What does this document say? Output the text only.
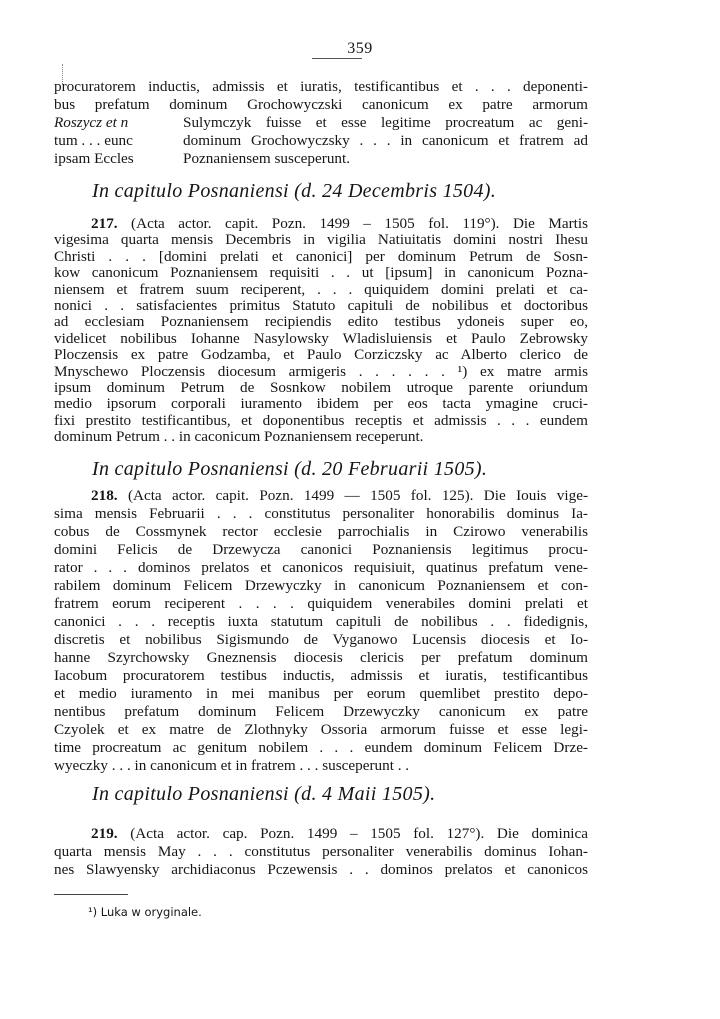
359
procuratorem inductis, admissis et iuratis, testificantibus et . . . deponenti-
bus prefatum dominum Grochowyczski canonicum ex patre armorum
Roszycz et n	Sulymczyk fuisse et esse legitime procreatum ac geni-
tum . . . eunc	dominum Grochowyczsky . . . in canonicum et fratrem ad
ipsam Eccles	Poznaniensem susceperunt.
In capitulo Posnaniensi (d. 24 Decembris 1504).
217. (Acta actor. capit. Pozn. 1499 – 1505 fol. 119°). Die Martis
vigesima quarta mensis Decembris in vigilia Natiuitatis domini nostri Ihesu
Christi . . . [domini prelati et canonici] per dominum Petrum de Sosn-
kow canonicum Poznaniensem requisiti . . ut [ipsum] in canonicum Pozna-
niensem et fratrem suum reciperent, . . . quiquidem domini prelati et ca-
nonici . . satisfacientes primitus Statuto capituli de nobilibus et doctoribus
ad ecclesiam Poznaniensem recipiendis edito testibus ydoneis super eo,
videlicet nobilibus Iohanne Nasylowsky Wladisluiensis et Paulo Zebrowsky
Ploczensis ex patre Godzamba, et Paulo Corziczsky ac Alberto clerico de
Mnyschewo Ploczensis diocesum armigeris . . . . . . ¹) ex matre armis
ipsum dominum Petrum de Sosnkow nobilem utroque parente oriundum
medio ipsorum corporali iuramento ibidem per eos tacta ymagine cruci-
fixi prestito testificantibus, et doponentibus receptis et admissis . . . eundem
dominum Petrum . . in caconicum Poznaniensem receperunt.
In capitulo Posnaniensi (d. 20 Februarii 1505).
218. (Acta actor. capit. Pozn. 1499 — 1505 fol. 125). Die Iouis vige-
sima mensis Februarii . . . constitutus personaliter honorabilis dominus Ia-
cobus de Cossmynek rector ecclesie parrochialis in Czirowo venerabilis
domini Felicis de Drzewycza canonici Poznaniensis legitimus procu-
rator . . . dominos prelatos et canonicos requisiuit, quatinus prefatum vene-
rabilem dominum Felicem Drzewyczky in canonicum Poznaniensem et con-
fratrem eorum reciperent . . . . quiquidem venerabiles domini prelati et
canonici . . . receptis iuxta statutum capituli de nobilibus . . fidedignis,
discretis et nobilibus Sigismundo de Vyganowo Lucensis diocesis et Io-
hanne Szyrchowsky Gneznensis diocesis clericis per prefatum dominum
Iacobum procuratorem testibus inductis, admissis et iuratis, testificantibus
et medio iuramento in mei manibus per eorum quemlibet prestito depo-
nentibus prefatum dominum Felicem Drzewyczky canonicum ex patre
Czyolek et ex matre de Zlothnyky Ossoria armorum fuisse et esse legi-
time procreatum ac genitum nobilem . . . eundem dominum Felicem Drze-
wyeczky . . . in canonicum et in fratrem . . . susceperunt . .
¹) Luka w oryginale.
In capitulo Posnaniensi (d. 4 Maii 1505).
219. (Acta actor. cap. Pozn. 1499 – 1505 fol. 127°). Die dominica
quarta mensis May . . . constitutus personaliter venerabilis dominus Iohan-
nes Slawyensky archidiaconus Pczewensis . . dominos prelatos et canonicos
